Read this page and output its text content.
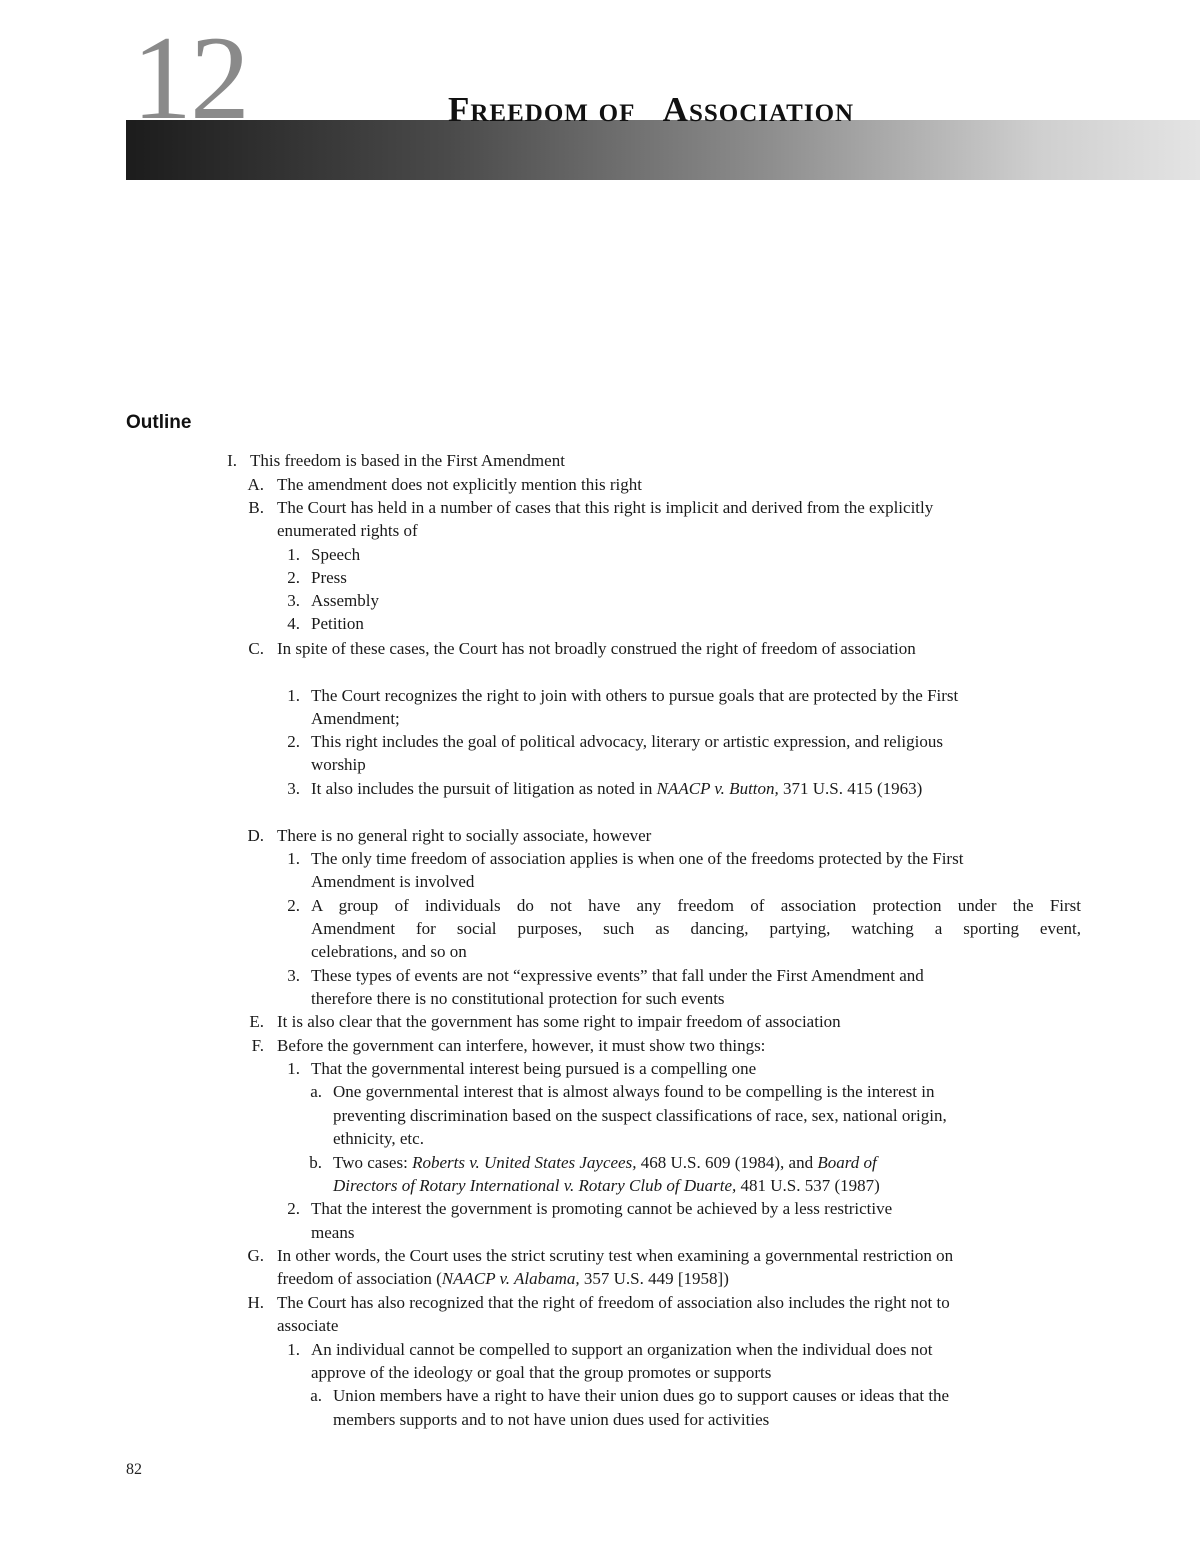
12	Freedom of   Association
Outline
I. This freedom is based in the First Amendment
A. The amendment does not explicitly mention this right
B. The Court has held in a number of cases that this right is implicit and derived from the explicitly
enumerated rights of
1. Speech
2. Press
3. Assembly
4. Petition
C. In spite of these cases, the Court has not broadly construed the right of freedom of association
1. The Court recognizes the right to join with others to pursue goals that are protected by the First
Amendment;
2. This right includes the goal of political advocacy, literary or artistic expression, and religious
worship
3. It also includes the pursuit of litigation as noted in NAACP v. Button, 371 U.S. 415 (1963)
D. There is no general right to socially associate, however
1. The only time freedom of association applies is when one of the freedoms protected by the First
Amendment is involved
2. A group of individuals do not have any freedom of association protection under the First
Amendment for social purposes, such as dancing, partying, watching a sporting event,
celebrations, and so on
3. These types of events are not “expressive events” that fall under the First Amendment and
therefore there is no constitutional protection for such events
E. It is also clear that the government has some right to impair freedom of association
F. Before the government can interfere, however, it must show two things:
1. That the governmental interest being pursued is a compelling one
a. One governmental interest that is almost always found to be compelling is the interest in
preventing discrimination based on the suspect classifications of race, sex, national origin,
ethnicity, etc.
b. Two cases: Roberts v. United States Jaycees, 468 U.S. 609 (1984), and Board of
Directors of Rotary International v. Rotary Club of Duarte, 481 U.S. 537 (1987)
2. That the interest the government is promoting cannot be achieved by a less restrictive
means
G. In other words, the Court uses the strict scrutiny test when examining a governmental restriction on
freedom of association (NAACP v. Alabama, 357 U.S. 449 [1958])
H. The Court has also recognized that the right of freedom of association also includes the right not to
associate
1. An individual cannot be compelled to support an organization when the individual does not
approve of the ideology or goal that the group promotes or supports
a. Union members have a right to have their union dues go to support causes or ideas that the
members supports and to not have union dues used for activities
82
